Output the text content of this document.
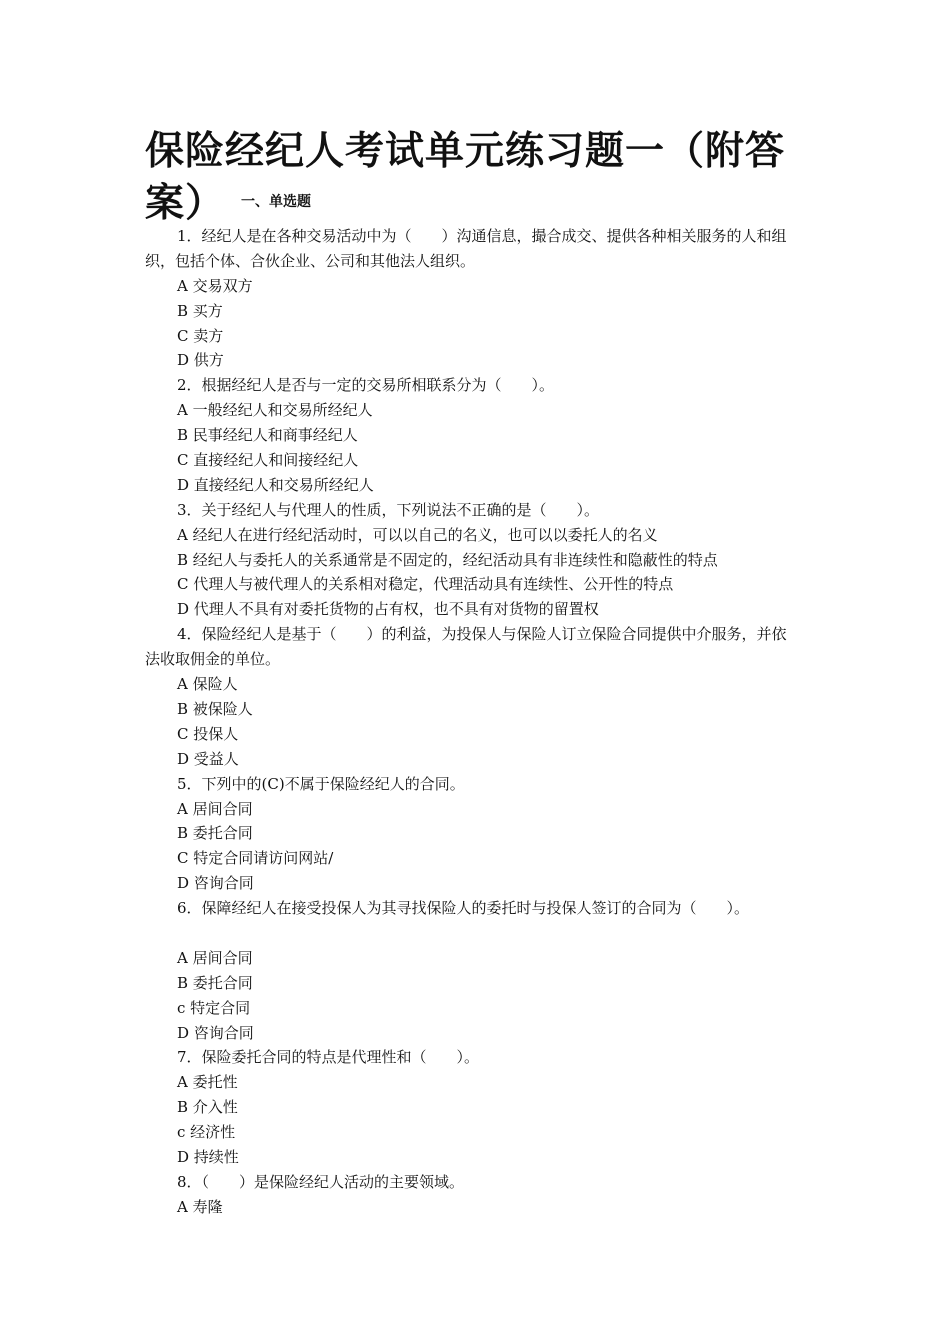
保险经纪人考试单元练习题一（附答案） 一、单选题
1．经纪人是在各种交易活动中为（　　）沟通信息，撮合成交、提供各种相关服务的人和组织，包括个体、合伙企业、公司和其他法人组织。
A 交易双方
B 买方
C 卖方
D 供方
2．根据经纪人是否与一定的交易所相联系分为（　　）。
A 一般经纪人和交易所经纪人
B 民事经纪人和商事经纪人
C 直接经纪人和间接经纪人
D 直接经纪人和交易所经纪人
3．关于经纪人与代理人的性质，下列说法不正确的是（　　）。
A 经纪人在进行经纪活动时，可以以自己的名义，也可以以委托人的名义
B 经纪人与委托人的关系通常是不固定的，经纪活动具有非连续性和隐蔽性的特点
C 代理人与被代理人的关系相对稳定，代理活动具有连续性、公开性的特点
D 代理人不具有对委托货物的占有权，也不具有对货物的留置权
4．保险经纪人是基于（　　）的利益，为投保人与保险人订立保险合同提供中介服务，并依法收取佣金的单位。
A 保险人
B 被保险人
C 投保人
D 受益人
5．下列中的(C)不属于保险经纪人的合同。
A 居间合同
B 委托合同
C 特定合同请访问网站/
D 咨询合同
6．保障经纪人在接受投保人为其寻找保险人的委托时与投保人签订的合同为（　　）。
A 居间合同
B 委托合同
c 特定合同
D 咨询合同
7．保险委托合同的特点是代理性和（　　）。
A 委托性
B 介入性
c 经济性
D 持续性
8．（　　）是保险经纪人活动的主要领域。
A 寿隆
